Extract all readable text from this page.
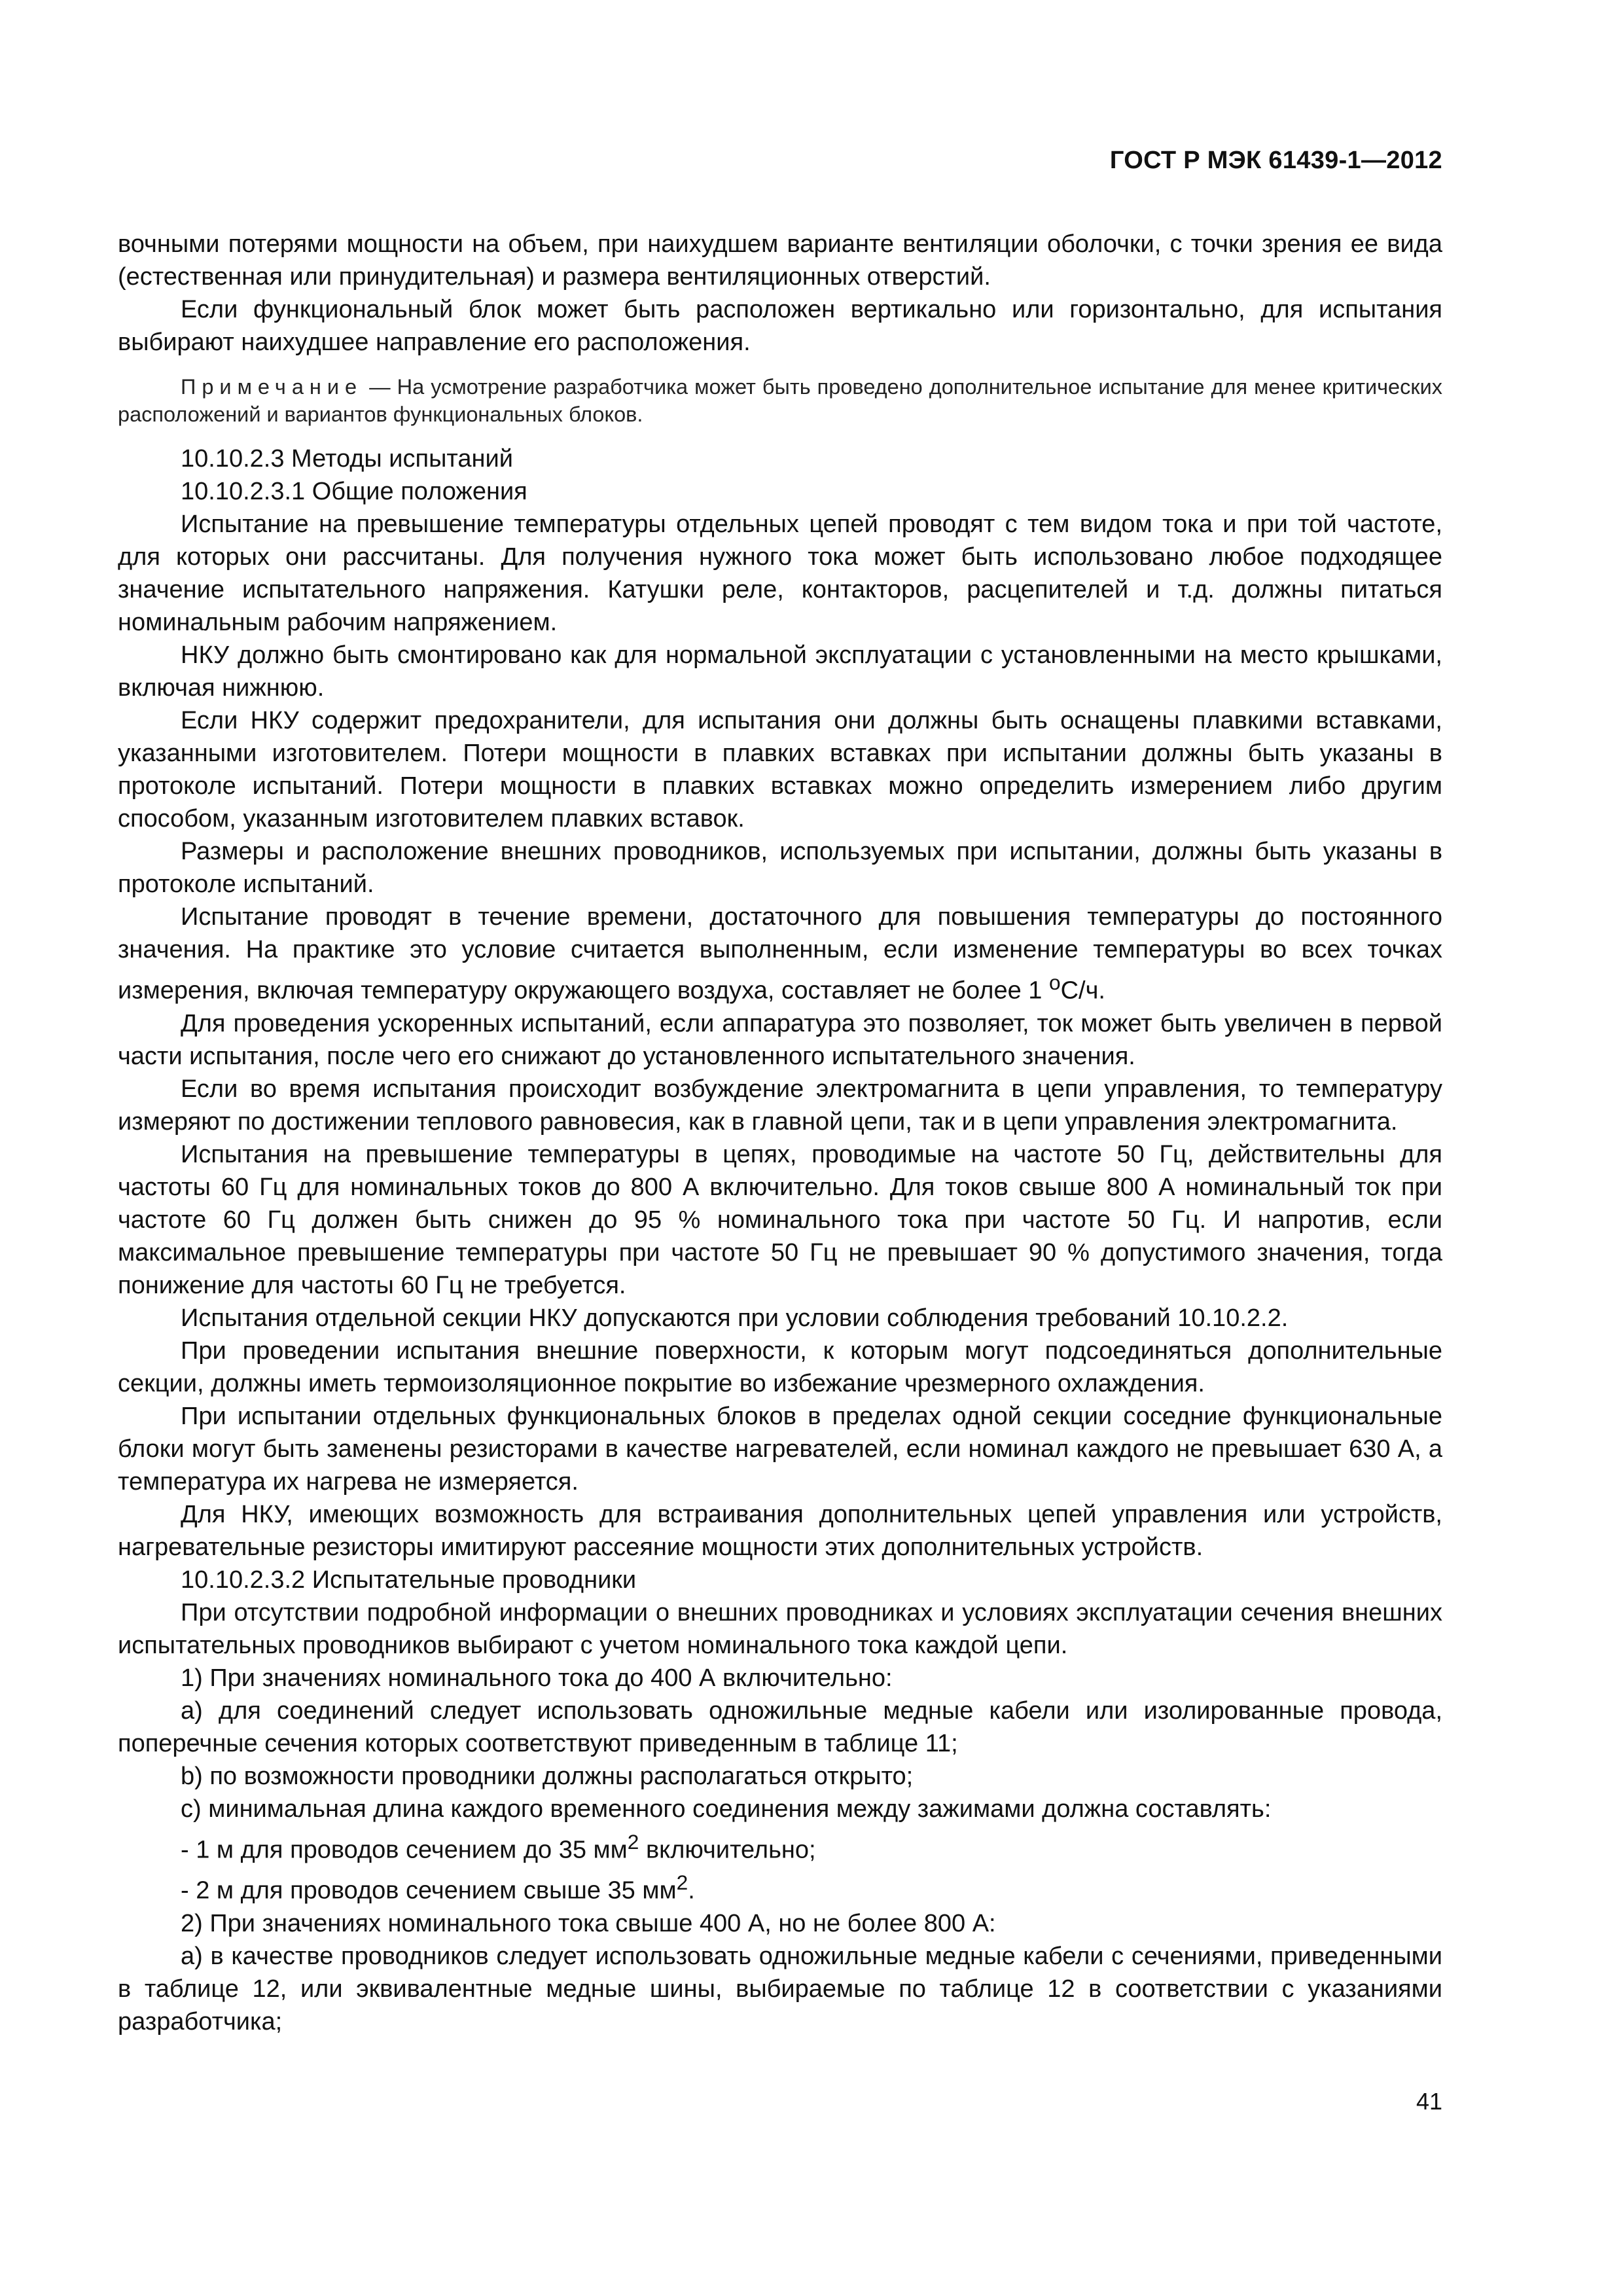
ГОСТ Р МЭК 61439-1—2012

вочными потерями мощности на объем, при наихудшем варианте вентиляции оболочки, с точки зрения ее вида (естественная или принудительная) и размера вентиляционных отверстий.

Если функциональный блок может быть расположен вертикально или горизонтально, для испытания выбирают наихудшее направление его расположения.

Примечание — На усмотрение разработчика может быть проведено дополнительное испытание для менее критических расположений и вариантов функциональных блоков.

10.10.2.3 Методы испытаний

10.10.2.3.1 Общие положения

Испытание на превышение температуры отдельных цепей проводят с тем видом тока и при той частоте, для которых они рассчитаны. Для получения нужного тока может быть использовано любое подходящее значение испытательного напряжения. Катушки реле, контакторов, расцепителей и т.д. должны питаться номинальным рабочим напряжением.

НКУ должно быть смонтировано как для нормальной эксплуатации с установленными на место крышками, включая нижнюю.

Если НКУ содержит предохранители, для испытания они должны быть оснащены плавкими вставками, указанными изготовителем. Потери мощности в плавких вставках при испытании должны быть указаны в протоколе испытаний. Потери мощности в плавких вставках можно определить измерением либо другим способом, указанным изготовителем плавких вставок.

Размеры и расположение внешних проводников, используемых при испытании, должны быть указаны в протоколе испытаний.

Испытание проводят в течение времени, достаточного для повышения температуры до постоянного значения. На практике это условие считается выполненным, если изменение температуры во всех точках измерения, включая температуру окружающего воздуха, составляет не более 1 $^о$С/ч.

Для проведения ускоренных испытаний, если аппаратура это позволяет, ток может быть увеличен в первой части испытания, после чего его снижают до установленного испытательного значения.

Если во время испытания происходит возбуждение электромагнита в цепи управления, то температуру измеряют по достижении теплового равновесия, как в главной цепи, так и в цепи управления электромагнита.

Испытания на превышение температуры в цепях, проводимые на частоте 50 Гц, действительны для частоты 60 Гц для номинальных токов до 800 А включительно. Для токов свыше 800 А номинальный ток при частоте 60 Гц должен быть снижен до 95 % номинального тока при частоте 50 Гц. И напротив, если максимальное превышение температуры при частоте 50 Гц не превышает 90 % допустимого значения, тогда понижение для частоты 60 Гц не требуется.

Испытания отдельной секции НКУ допускаются при условии соблюдения требований 10.10.2.2.

При проведении испытания внешние поверхности, к которым могут подсоединяться дополнительные секции, должны иметь термоизоляционное покрытие во избежание чрезмерного охлаждения.

При испытании отдельных функциональных блоков в пределах одной секции соседние функциональные блоки могут быть заменены резисторами в качестве нагревателей, если номинал каждого не превышает 630 А, а температура их нагрева не измеряется.

Для НКУ, имеющих возможность для встраивания дополнительных цепей управления или устройств, нагревательные резисторы имитируют рассеяние мощности этих дополнительных устройств.

10.10.2.3.2 Испытательные проводники

При отсутствии подробной информации о внешних проводниках и условиях эксплуатации сечения внешних испытательных проводников выбирают с учетом номинального тока каждой цепи.

1) При значениях номинального тока до 400 А включительно:

а) для соединений следует использовать одножильные медные кабели или изолированные провода, поперечные сечения которых соответствуют приведенным в таблице 11;

b) по возможности проводники должны располагаться открыто;

с) минимальная длина каждого временного соединения между зажимами должна составлять:

- 1 м для проводов сечением до 35 $мм^2$ включительно;

- 2 м для проводов сечением свыше 35 $мм^2$.

2) При значениях номинального тока свыше 400 А, но не более 800 А:

а) в качестве проводников следует использовать одножильные медные кабели с сечениями, приведенными в таблице 12, или эквивалентные медные шины, выбираемые по таблице 12 в соответствии с указаниями разработчика;

41
